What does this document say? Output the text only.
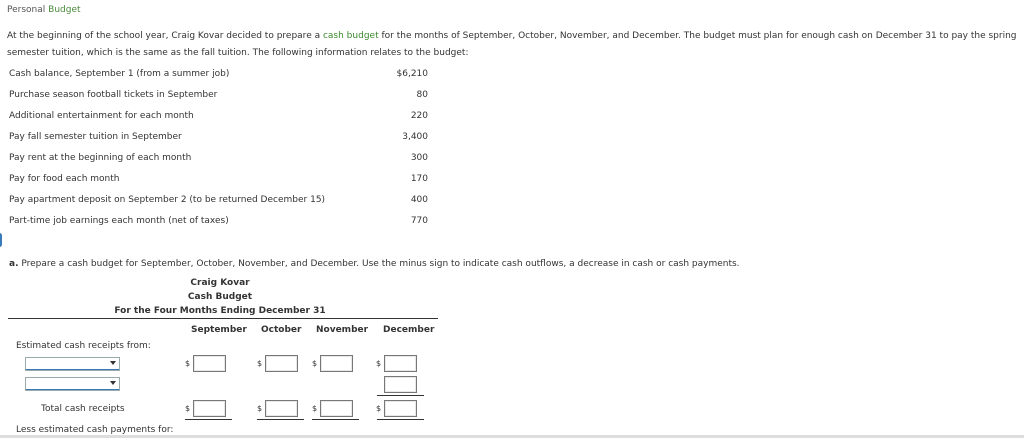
Personal Budget
At the beginning of the school year, Craig Kovar decided to prepare a cash budget for the months of September, October, November, and December. The budget must plan for enough cash on December 31 to pay the spring semester tuition, which is the same as the fall tuition. The following information relates to the budget:
Cash balance, September 1 (from a summer job)	$6,210
Purchase season football tickets in September	80
Additional entertainment for each month	220
Pay fall semester tuition in September	3,400
Pay rent at the beginning of each month	300
Pay for food each month	170
Pay apartment deposit on September 2 (to be returned December 15)	400
Part-time job earnings each month (net of taxes)	770
a. Prepare a cash budget for September, October, November, and December. Use the minus sign to indicate cash outflows, a decrease in cash or cash payments.
Craig Kovar
Cash Budget
For the Four Months Ending December 31
September October November December
Estimated cash receipts from:
$	$	$	$
Total cash receipts	$	$	$	$
Less estimated cash payments for:
